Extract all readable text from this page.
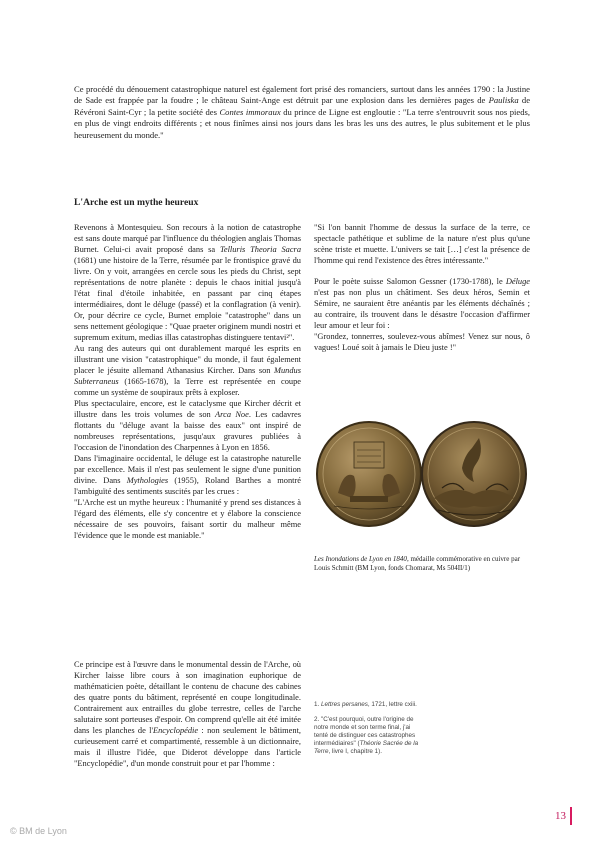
Ce procédé du dénouement catastrophique naturel est également fort prisé des romanciers, surtout dans les années 1790 : la Justine de Sade est frappée par la foudre ; le château Saint-Ange est détruit par une explosion dans les dernières pages de Pauliska de Révéroni Saint-Cyr ; la petite société des Contes immoraux du prince de Ligne est engloutie : "La terre s'entrouvrit sous nos pieds, en plus de vingt endroits différents ; et nous finîmes ainsi nos jours dans les bras les uns des autres, le plus subitement et le plus heureusement du monde."

L'Arche est un mythe heureux

Revenons à Montesquieu. Son recours à la notion de catastrophe est sans doute marqué par l'influence du théologien anglais Thomas Burnet. Celui-ci avait proposé dans sa Telluris Theoria Sacra (1681) une histoire de la Terre, résumée par le frontispice gravé du livre. On y voit, arrangées en cercle sous les pieds du Christ, sept représentations de notre planète : depuis le chaos initial jusqu'à l'état final d'étoile inhabitée, en passant par cinq étapes intermédiaires, dont le déluge (passé) et la conflagration (à venir). Or, pour décrire ce cycle, Burnet emploie "catastrophe" dans un sens nettement géologique : "Quae praeter originem mundi nostri et supremum exitum, medias illas catastrophas distinguere tentavi²".

Au rang des auteurs qui ont durablement marqué les esprits en illustrant une vision "catastrophique" du monde, il faut également placer le jésuite allemand Athanasius Kircher. Dans son Mundus Subterraneus (1665-1678), la Terre est représentée en coupe comme un système de soupiraux prêts à exploser.

Plus spectaculaire, encore, est le cataclysme que Kircher décrit et illustre dans les trois volumes de son Arca Noe. Les cadavres flottants du "déluge avant la baisse des eaux" ont inspiré de nombreuses représentations, jusqu'aux gravures publiées à l'occasion de l'inondation des Charpennes à Lyon en 1856.

Dans l'imaginaire occidental, le déluge est la catastrophe naturelle par excellence. Mais il n'est pas seulement le signe d'une punition divine. Dans Mythologies (1955), Roland Barthes a montré l'ambiguïté des sentiments suscités par les crues :

"L'Arche est un mythe heureux : l'humanité y prend ses distances à l'égard des éléments, elle s'y concentre et y élabore la conscience nécessaire de ses pouvoirs, faisant sortir du malheur même l'évidence que le monde est maniable."

Ce principe est à l'œuvre dans le monumental dessin de l'Arche, où Kircher laisse libre cours à son imagination euphorique de mathématicien poète, détaillant le contenu de chacune des cabines des quatre ponts du bâtiment, représenté en coupe longitudinale. Contrairement aux entrailles du globe terrestre, celles de l'arche salutaire sont porteuses d'espoir. On comprend qu'elle ait été imitée dans les planches de l'Encyclopédie : non seulement le bâtiment, curieusement carré et compartimenté, ressemble à un dictionnaire, mais il illustre l'idée, que Diderot développe dans l'article "Encyclopédie", d'un monde construit pour et par l'homme :

"Si l'on bannit l'homme de dessus la surface de la terre, ce spectacle pathétique et sublime de la nature n'est plus qu'une scène triste et muette. L'univers se tait […] c'est la présence de l'homme qui rend l'existence des êtres intéressante."

Pour le poète suisse Salomon Gessner (1730-1788), le Déluge n'est pas non plus un châtiment. Ses deux héros, Semin et Sémire, ne sauraient être anéantis par les éléments déchaînés ; au contraire, ils trouvent dans le désastre l'occasion d'affirmer leur amour et leur foi :

"Grondez, tonnerres, soulevez-vous abîmes! Venez sur nous, ô vagues! Loué soit à jamais le Dieu juste !"

Les Inondations de Lyon en 1840, médaille commémorative en cuivre par Louis Schmitt (BM Lyon, fonds Chomarat, Ms 504II/1)

1. Lettres persanes, 1721, lettre cxiii.
2. "C'est pourquoi, outre l'origine de notre monde et son terme final, j'ai tenté de distinguer ces catastrophes intermédiaires" (Théorie Sacrée de la Terre, livre I, chapitre 1).
13
© BM de Lyon
